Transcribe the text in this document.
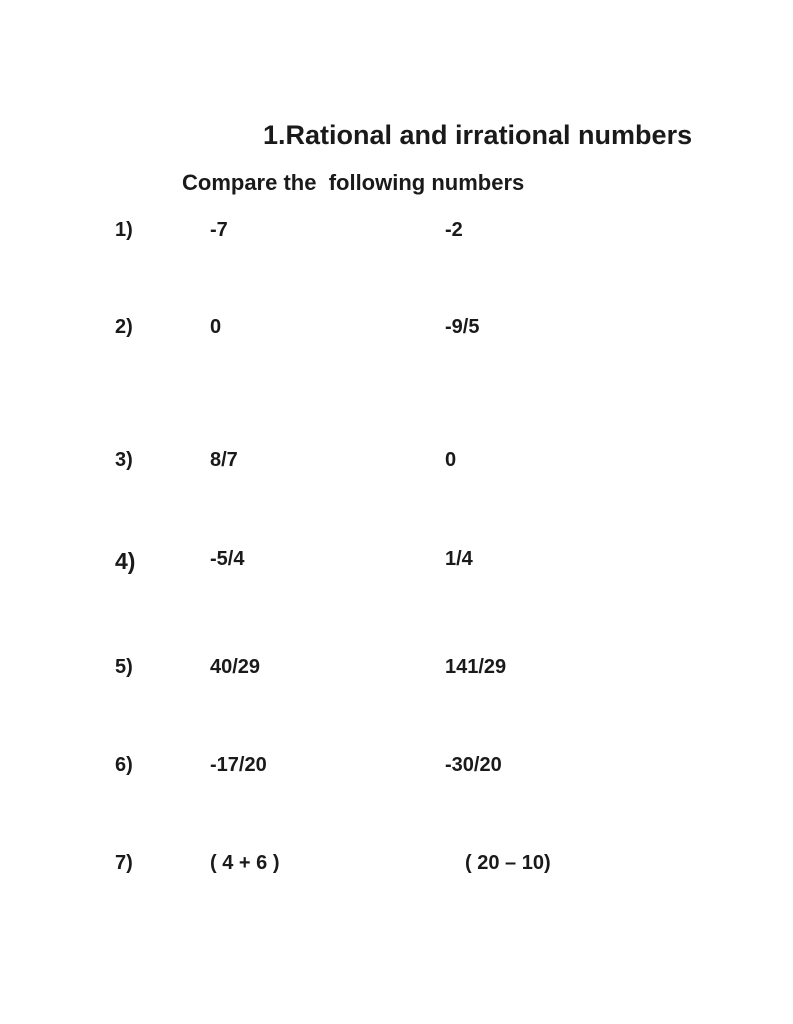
1.Rational and irrational numbers
Compare the  following numbers
1)	-7	-2
2)	0	-9/5
3)	8/7	0
4)	-5/4	1/4
5)	40/29	141/29
6)	-17/20	-30/20
7)	( 4 + 6 )	( 20 – 10)
